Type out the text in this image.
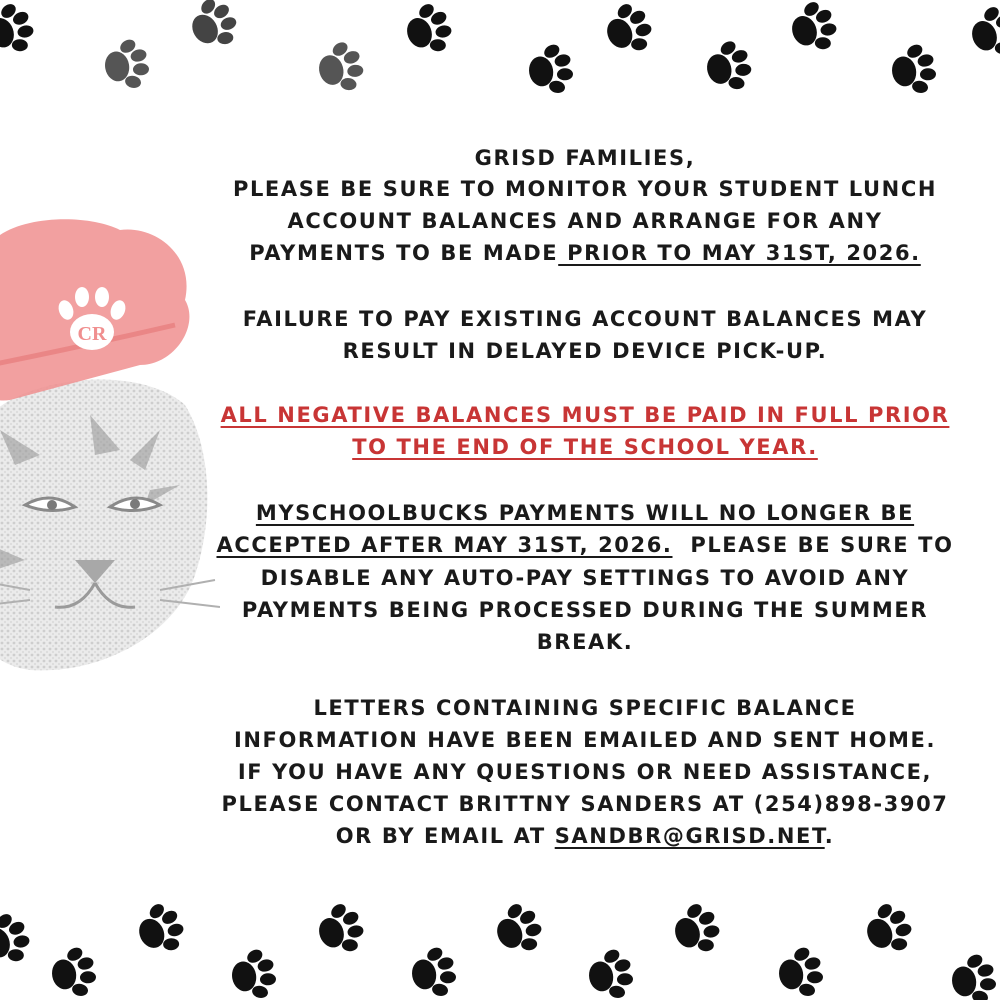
CR
GRISD FAMILIES,
PLEASE BE SURE TO MONITOR YOUR STUDENT LUNCH
ACCOUNT BALANCES AND ARRANGE FOR ANY
PAYMENTS TO BE MADE PRIOR TO MAY 31ST, 2026.
FAILURE TO PAY EXISTING ACCOUNT BALANCES MAY
RESULT IN DELAYED DEVICE PICK-UP.
ALL NEGATIVE BALANCES MUST BE PAID IN FULL PRIOR
TO THE END OF THE SCHOOL YEAR.
MYSCHOOLBUCKS PAYMENTS WILL NO LONGER BE
ACCEPTED AFTER MAY 31ST, 2026.  PLEASE BE SURE TO
DISABLE ANY AUTO-PAY SETTINGS TO AVOID ANY
PAYMENTS BEING PROCESSED DURING THE SUMMER
BREAK.
LETTERS CONTAINING SPECIFIC BALANCE
INFORMATION HAVE BEEN EMAILED AND SENT HOME.
IF YOU HAVE ANY QUESTIONS OR NEED ASSISTANCE,
PLEASE CONTACT BRITTNY SANDERS AT (254)898-3907
OR BY EMAIL AT SANDBR@GRISD.NET.
